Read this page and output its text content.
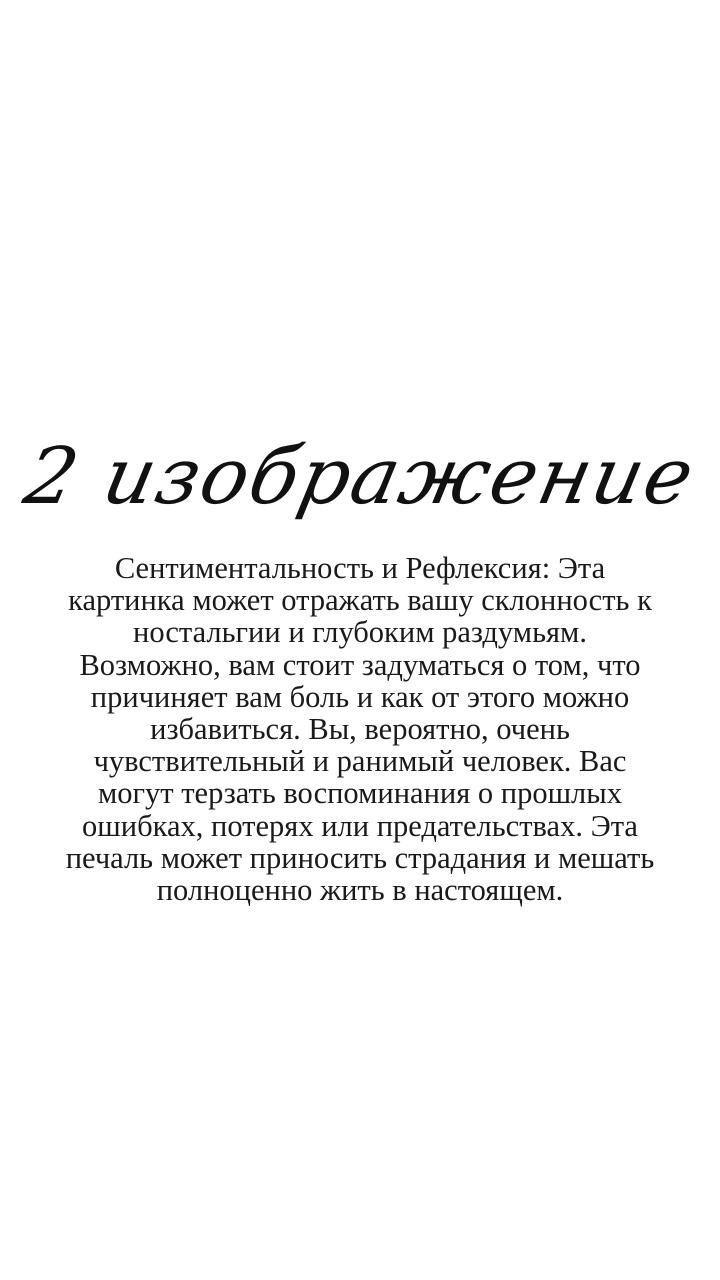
2 изображение

Сентиментальность и Рефлексия: Эта картинка может отражать вашу склонность к ностальгии и глубоким раздумьям. Возможно, вам стоит задуматься о том, что причиняет вам боль и как от этого можно избавиться. Вы, вероятно, очень чувствительный и ранимый человек. Вас могут терзать воспоминания о прошлых ошибках, потерях или предательствах. Эта печаль может приносить страдания и мешать полноценно жить в настоящем.
